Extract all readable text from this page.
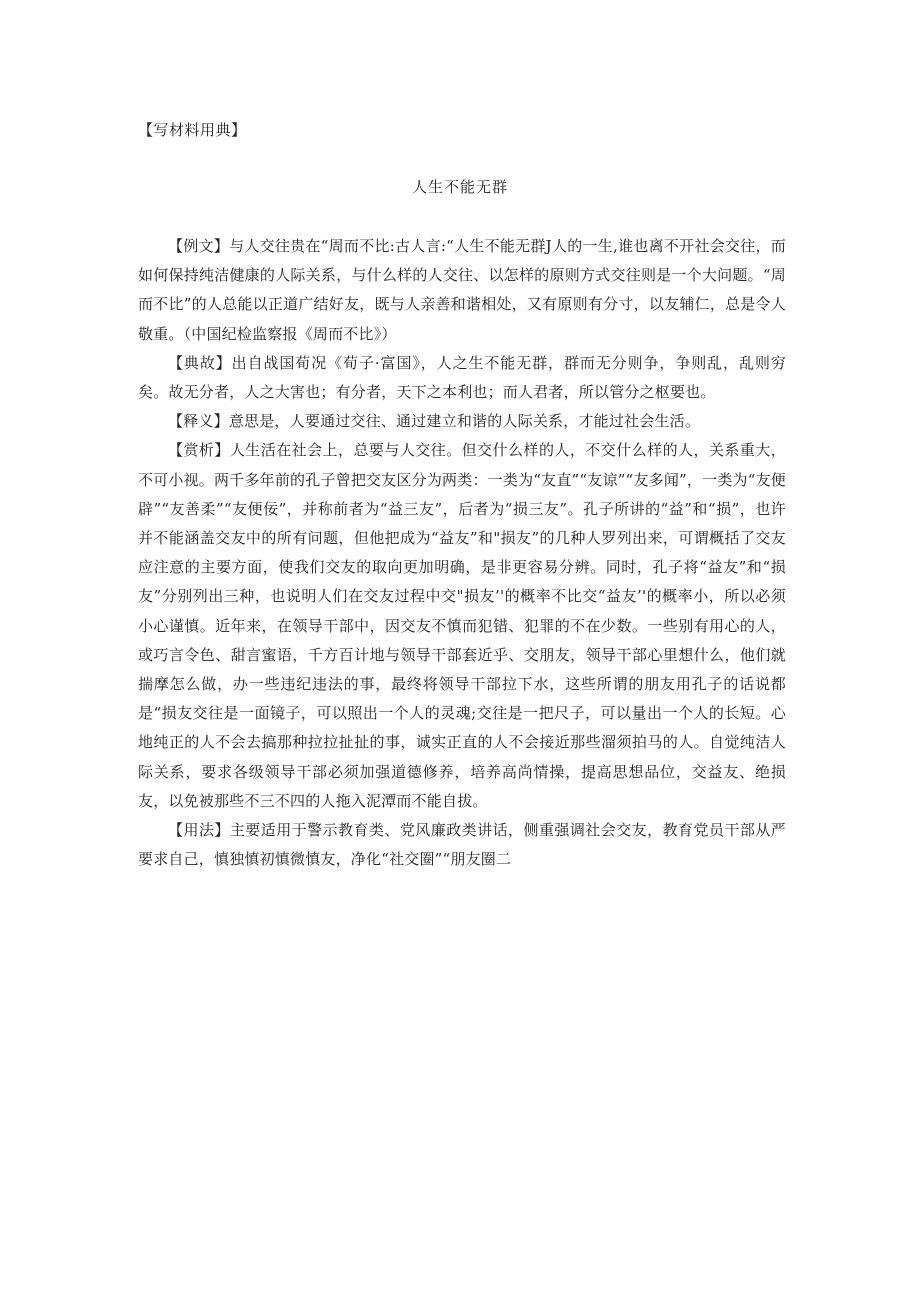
【写材料用典】
人生不能无群

【例文】与人交往贵在“周而不比:古人言:“人生不能无群J人的一生,谁也离不开社会交往，而如何保持纯洁健康的人际关系，与什么样的人交往、以怎样的原则方式交往则是一个大问题。“周而不比”的人总能以正道广结好友，既与人亲善和谐相处，又有原则有分寸，以友辅仁，总是令人敬重。（中国纪检监察报《周而不比》）

【典故】出自战国荀况《荀子·富国》，人之生不能无群，群而无分则争，争则乱，乱则穷矣。故无分者，人之大害也；有分者，天下之本利也；而人君者，所以管分之枢要也。

【释义】意思是，人要通过交往、通过建立和谐的人际关系，才能过社会生活。

【赏析】人生活在社会上，总要与人交往。但交什么样的人，不交什么样的人，关系重大，不可小视。两千多年前的孔子曾把交友区分为两类：一类为“友直”“友谅”“友多闻”，一类为“友便辟”“友善柔”“友便佞”，并称前者为“益三友”，后者为“损三友”。孔子所讲的“益”和“损”，也许并不能涵盖交友中的所有问题，但他把成为“益友”和"损友”的几种人罗列出来，可谓概括了交友应注意的主要方面，使我们交友的取向更加明确，是非更容易分辨。同时，孔子将“益友”和“损友”分别列出三种，也说明人们在交友过程中交"损友’'的概率不比交“益友’'的概率小，所以必须小心谨慎。近年来，在领导干部中，因交友不慎而犯错、犯罪的不在少数。一些别有用心的人，或巧言令色、甜言蜜语，千方百计地与领导干部套近乎、交朋友，领导干部心里想什么，他们就揣摩怎么做，办一些违纪违法的事，最终将领导干部拉下水，这些所谓的朋友用孔子的话说都是“损友交往是一面镜子，可以照出一个人的灵魂;交往是一把尺子，可以量出一个人的长短。心地纯正的人不会去搞那种拉拉扯扯的事，诚实正直的人不会接近那些溜须拍马的人。自觉纯洁人际关系，要求各级领导干部必须加强道德修养，培养高尚情操，提高思想品位，交益友、绝损友，以免被那些不三不四的人拖入泥潭而不能自拔。

【用法】主要适用于警示教育类、党风廉政类讲话，侧重强调社会交友，教育党员干部从严要求自己，慎独慎初慎微慎友，净化“社交圈”“朋友圈二
